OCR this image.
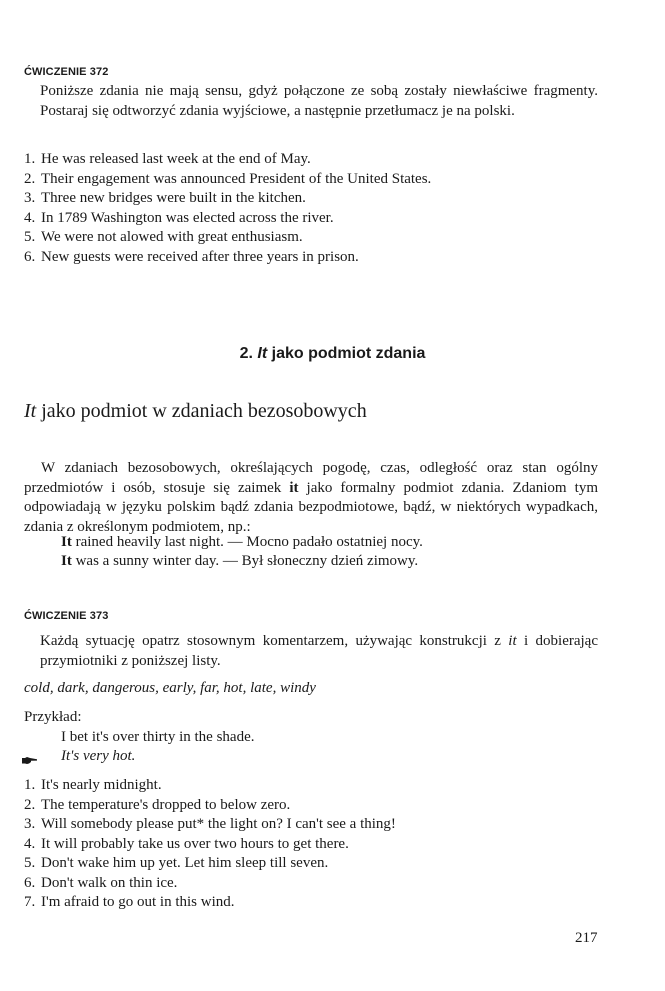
ĆWICZENIE 372

Poniższe zdania nie mają sensu, gdyż połączone ze sobą zostały niewłaściwe fragmenty. Postaraj się odtworzyć zdania wyjściowe, a następnie przetłumacz je na polski.

1. He was released last week at the end of May.
2. Their engagement was announced President of the United States.
3. Three new bridges were built in the kitchen.
4. In 1789 Washington was elected across the river.
5. We were not alowed with great enthusiasm.
6. New guests were received after three years in prison.
2. It jako podmiot zdania
It jako podmiot w zdaniach bezosobowych

W zdaniach bezosobowych, określających pogodę, czas, odległość oraz stan ogólny przedmiotów i osób, stosuje się zaimek it jako formalny podmiot zdania. Zdaniom tym odpowiadają w języku polskim bądź zdania bezpodmiotowe, bądź, w niektórych wypadkach, zdania z określonym podmiotem, np.:

It rained heavily last night. — Mocno padało ostatniej nocy.
It was a sunny winter day. — Był słoneczny dzień zimowy.
ĆWICZENIE 373

Każdą sytuację opatrz stosownym komentarzem, używając konstrukcji z it i dobierając przymiotniki z poniższej listy.

cold, dark, dangerous, early, far, hot, late, windy
Przykład:
I bet it's over thirty in the shade.
It's very hot.
1. It's nearly midnight.
2. The temperature's dropped to below zero.
3. Will somebody please put* the light on? I can't see a thing!
4. It will probably take us over two hours to get there.
5. Don't wake him up yet. Let him sleep till seven.
6. Don't walk on thin ice.
7. I'm afraid to go out in this wind.
217
